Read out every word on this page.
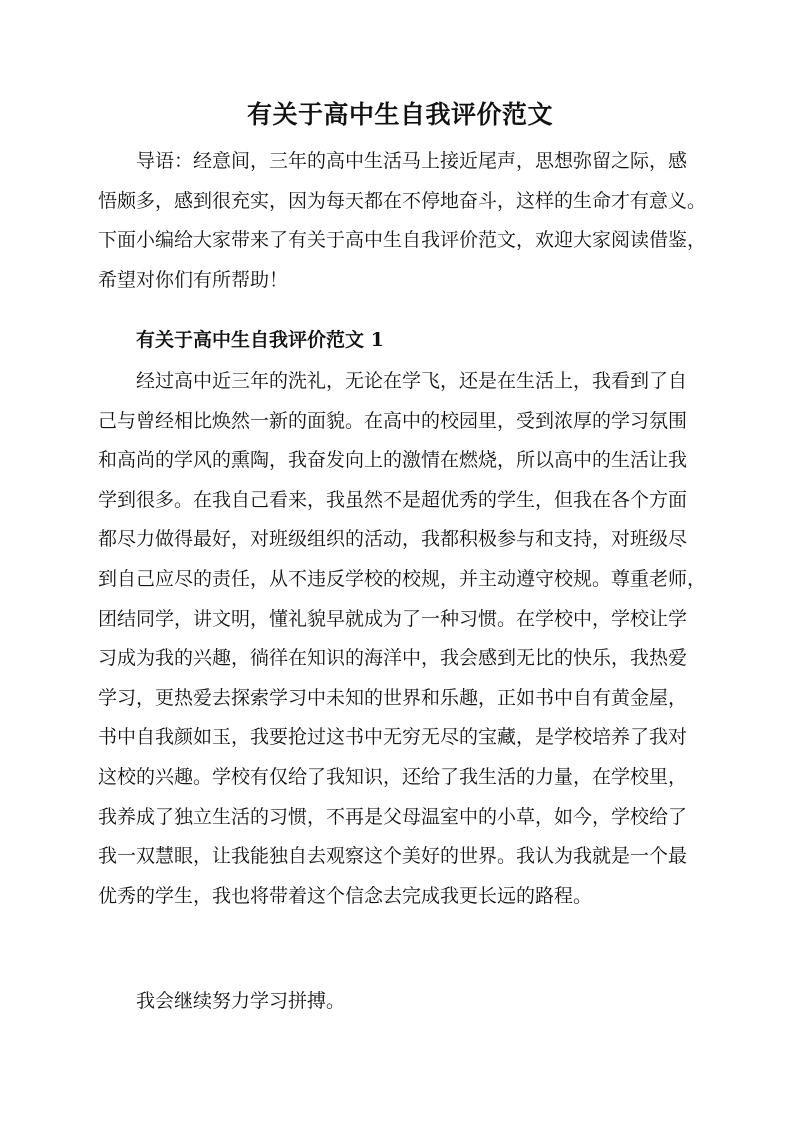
有关于高中生自我评价范文
导语：经意间，三年的高中生活马上接近尾声，思想弥留之际，感
悟颇多，感到很充实，因为每天都在不停地奋斗，这样的生命才有意义。
下面小编给大家带来了有关于高中生自我评价范文，欢迎大家阅读借鉴，
希望对你们有所帮助！
有关于高中生自我评价范文 1
经过高中近三年的洗礼，无论在学飞，还是在生活上，我看到了自
己与曾经相比焕然一新的面貌。在高中的校园里，受到浓厚的学习氛围
和高尚的学风的熏陶，我奋发向上的激情在燃烧，所以高中的生活让我
学到很多。在我自己看来，我虽然不是超优秀的学生，但我在各个方面
都尽力做得最好，对班级组织的活动，我都积极参与和支持，对班级尽
到自己应尽的责任，从不违反学校的校规，并主动遵守校规。尊重老师，
团结同学，讲文明，懂礼貌早就成为了一种习惯。在学校中，学校让学
习成为我的兴趣，徜徉在知识的海洋中，我会感到无比的快乐，我热爱
学习，更热爱去探索学习中未知的世界和乐趣，正如书中自有黄金屋，
书中自我颜如玉，我要抢过这书中无穷无尽的宝藏，是学校培养了我对
这校的兴趣。学校有仅给了我知识，还给了我生活的力量，在学校里，
我养成了独立生活的习惯，不再是父母温室中的小草，如今，学校给了
我一双慧眼，让我能独自去观察这个美好的世界。我认为我就是一个最
优秀的学生，我也将带着这个信念去完成我更长远的路程。
我会继续努力学习拼搏。
